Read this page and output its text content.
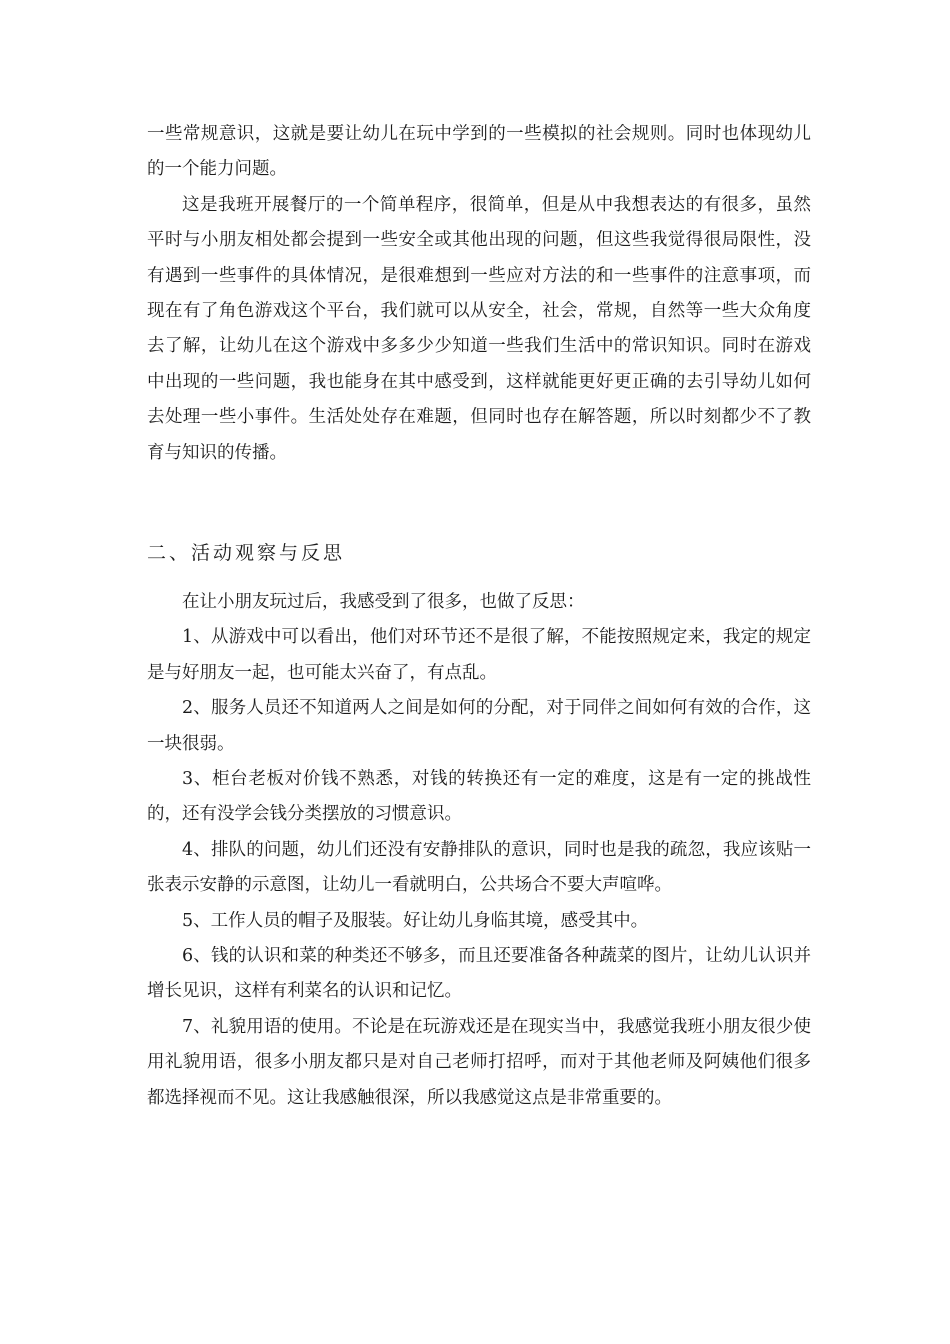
一些常规意识，这就是要让幼儿在玩中学到的一些模拟的社会规则。同时也体现幼儿的一个能力问题。

这是我班开展餐厅的一个简单程序，很简单，但是从中我想表达的有很多，虽然平时与小朋友相处都会提到一些安全或其他出现的问题，但这些我觉得很局限性，没有遇到一些事件的具体情况，是很难想到一些应对方法的和一些事件的注意事项，而现在有了角色游戏这个平台，我们就可以从安全，社会，常规，自然等一些大众角度去了解，让幼儿在这个游戏中多多少少知道一些我们生活中的常识知识。同时在游戏中出现的一些问题，我也能身在其中感受到，这样就能更好更正确的去引导幼儿如何去处理一些小事件。生活处处存在难题，但同时也存在解答题，所以时刻都少不了教育与知识的传播。

二、活动观察与反思

在让小朋友玩过后，我感受到了很多，也做了反思：

1、从游戏中可以看出，他们对环节还不是很了解，不能按照规定来，我定的规定是与好朋友一起，也可能太兴奋了，有点乱。

2、服务人员还不知道两人之间是如何的分配，对于同伴之间如何有效的合作，这一块很弱。

3、柜台老板对价钱不熟悉，对钱的转换还有一定的难度，这是有一定的挑战性的，还有没学会钱分类摆放的习惯意识。

4、排队的问题，幼儿们还没有安静排队的意识，同时也是我的疏忽，我应该贴一张表示安静的示意图，让幼儿一看就明白，公共场合不要大声喧哗。

5、工作人员的帽子及服装。好让幼儿身临其境，感受其中。

6、钱的认识和菜的种类还不够多，而且还要准备各种蔬菜的图片，让幼儿认识并增长见识，这样有利菜名的认识和记忆。

7、礼貌用语的使用。不论是在玩游戏还是在现实当中，我感觉我班小朋友很少使用礼貌用语，很多小朋友都只是对自己老师打招呼，而对于其他老师及阿姨他们很多都选择视而不见。这让我感触很深，所以我感觉这点是非常重要的。
